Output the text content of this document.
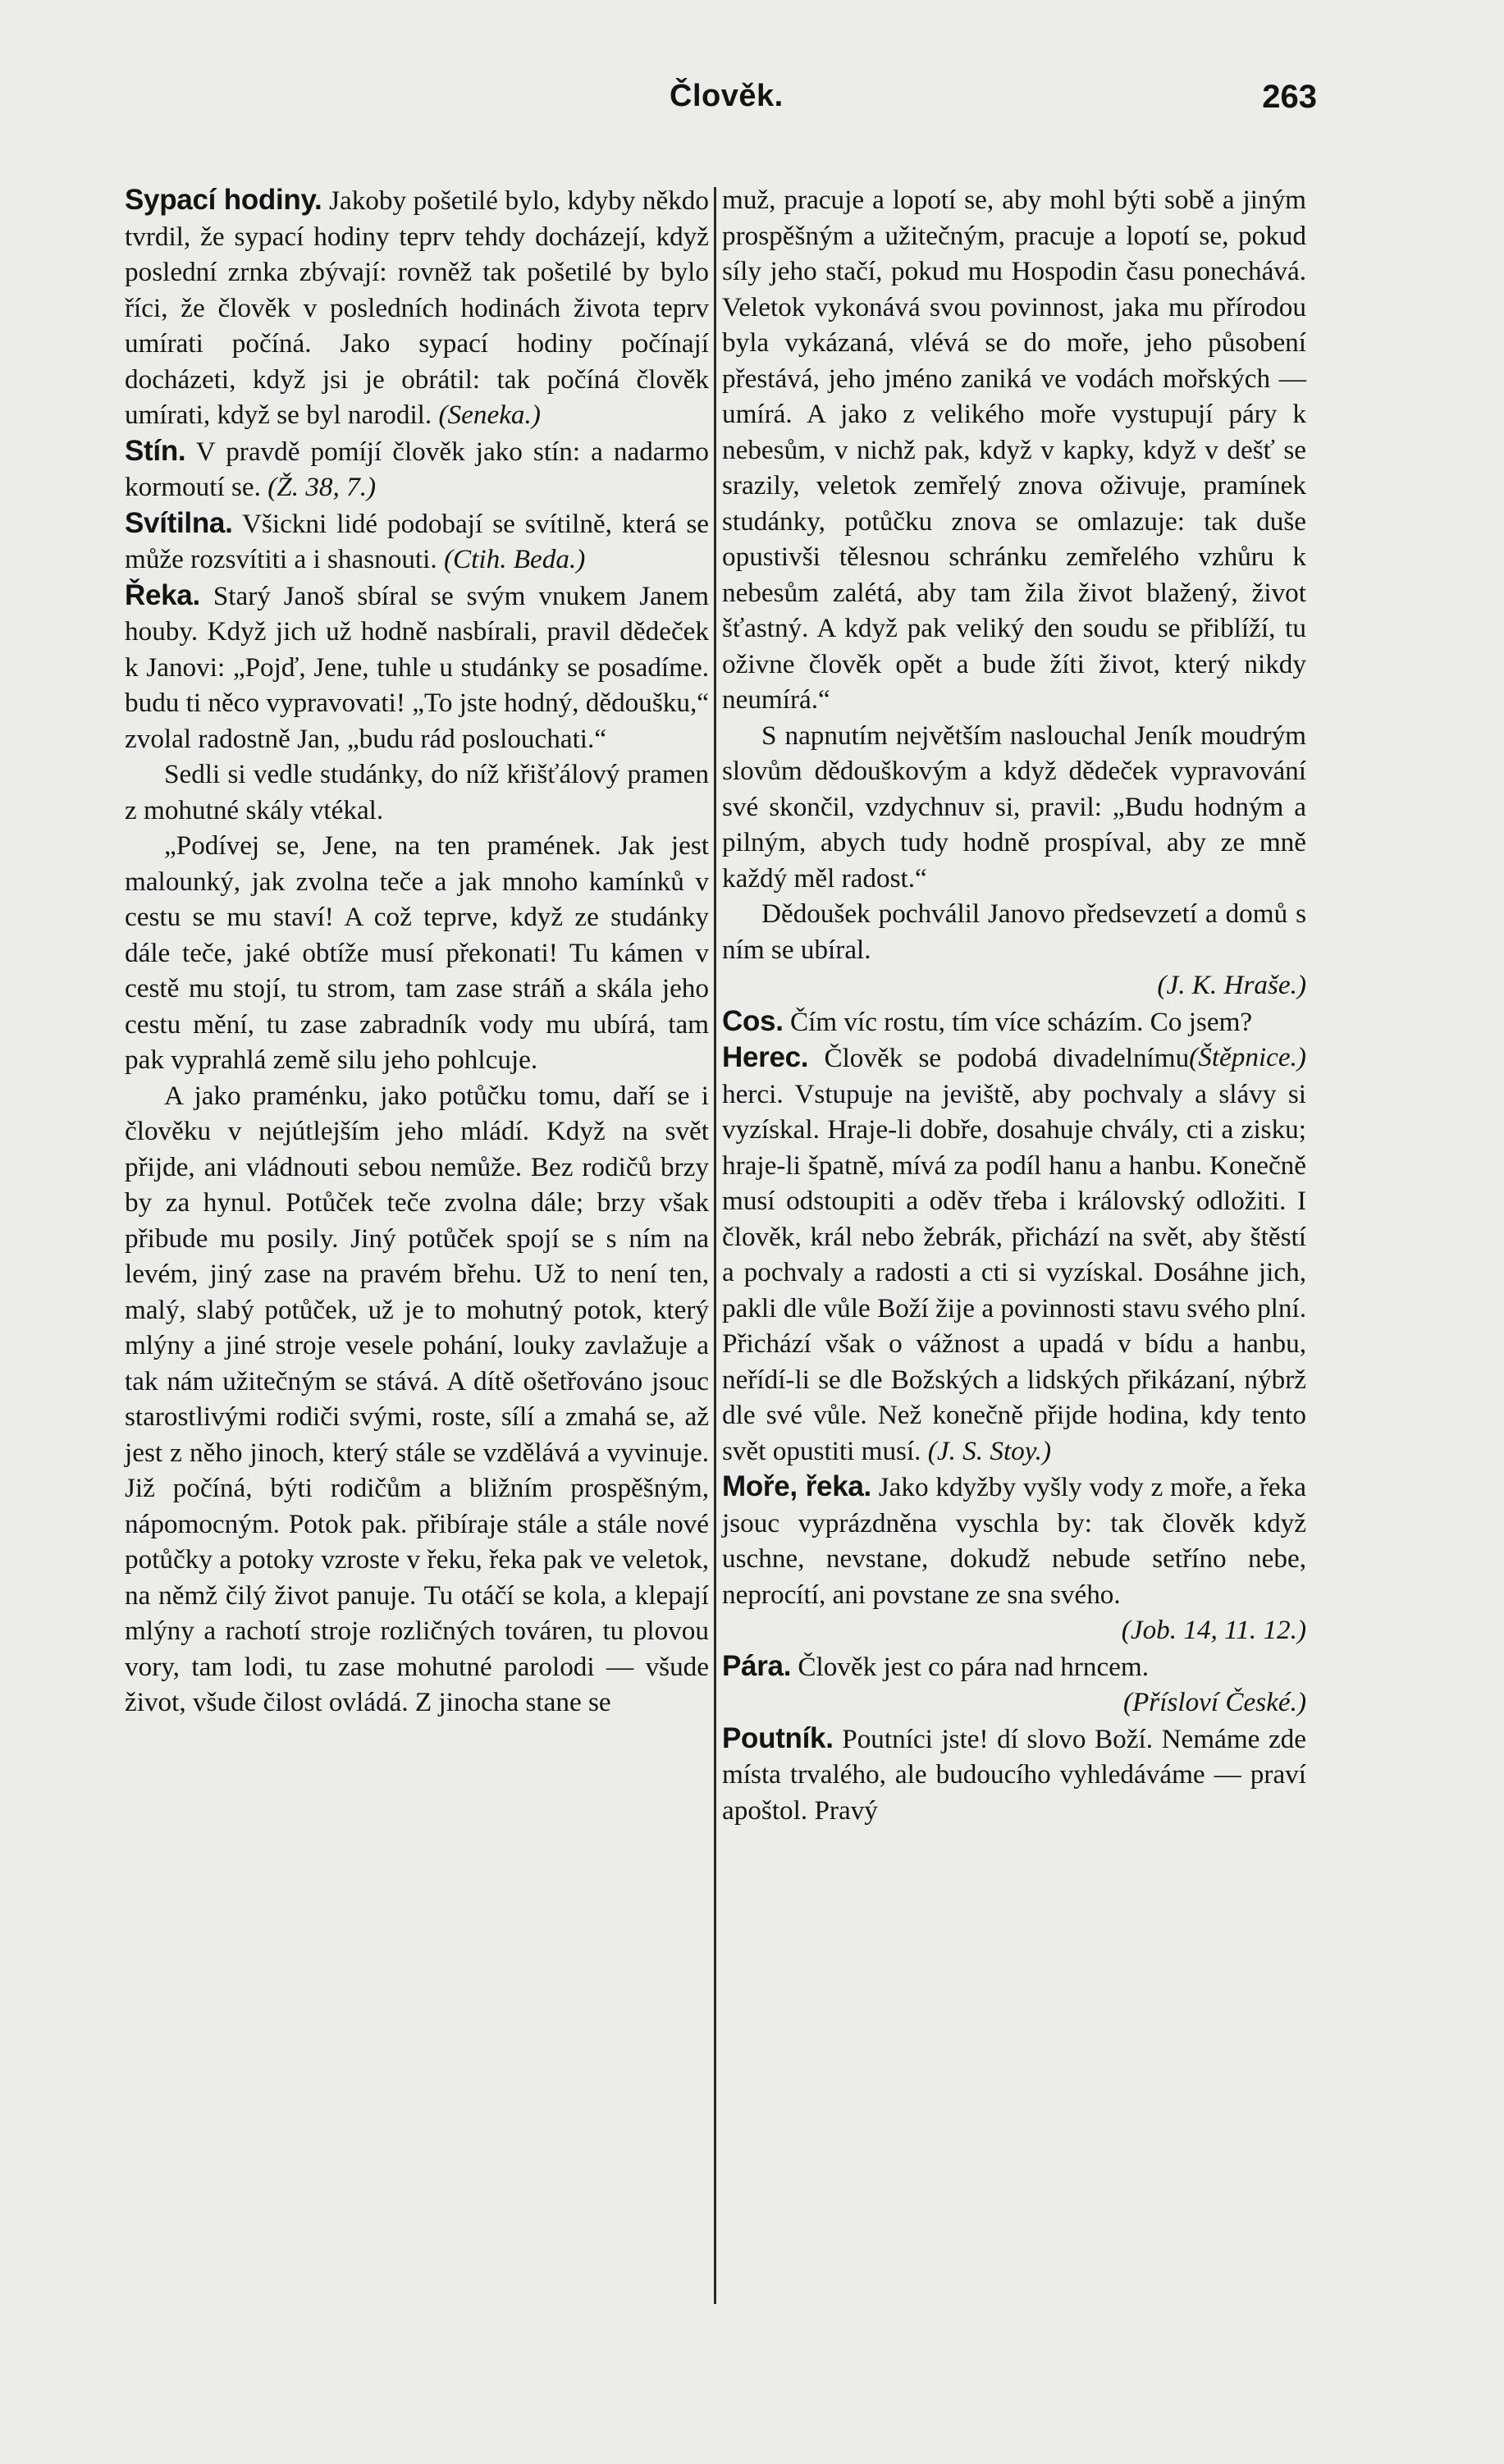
Člověk.	263

Sypací hodiny. Jakoby pošetilé bylo, kdyby někdo tvrdil, že sypací hodiny teprv tehdy docházejí, když poslední zrnka zbývají: rovněž tak pošetilé by bylo říci, že člověk v posledních hodinách života teprv umírati počíná. Jako sypací hodiny počínají docházeti, když jsi je obrátil: tak počíná člověk umírati, když se byl narodil. (Seneka.)

Stín. V pravdě pomíjí člověk jako stín: a nadarmo kormoutí se. (Ž. 38, 7.)

Svítilna. Všickni lidé podobají se svítilně, která se může rozsvítiti a i shasnouti. (Ctih. Beda.)

Řeka. Starý Janoš sbíral se svým vnukem Janem houby. Když jich už hodně nasbírali, pravil dědeček k Janovi: „Pojď, Jene, tuhle u studánky se posadíme. budu ti něco vypravovati! „To jste hodný, dědoušku,“ zvolal radostně Jan, „budu rád poslouchati.“

Sedli si vedle studánky, do níž křišťálový pramen z mohutné skály vtékal.

„Podívej se, Jene, na ten pramének. Jak jest malounký, jak zvolna teče a jak mnoho kamínků v cestu se mu staví! A což teprve, když ze studánky dále teče, jaké obtíže musí překonati! Tu kámen v cestě mu stojí, tu strom, tam zase stráň a skála jeho cestu mění, tu zase zabradník vody mu ubírá, tam pak vyprahlá země silu jeho pohlcuje.

A jako praménku, jako potůčku tomu, daří se i člověku v nejútlejším jeho mládí. Když na svět přijde, ani vládnouti sebou nemůže. Bez rodičů brzy by za hynul. Potůček teče zvolna dále; brzy však přibude mu posily. Jiný potůček spojí se s ním na levém, jiný zase na pravém břehu. Už to není ten, malý, slabý potůček, už je to mohutný potok, který mlýny a jiné stroje vesele pohání, louky zavlažuje a tak nám užitečným se stává. A dítě ošetřováno jsouc starostlivými rodiči svými, roste, sílí a zmahá se, až jest z něho jinoch, který stále se vzdělává a vyvinuje. Již počíná, býti rodičům a bližním prospěšným, nápomocným. Potok pak. přibíraje stále a stále nové potůčky a potoky vzroste v řeku, řeka pak ve veletok, na němž čilý život panuje. Tu otáčí se kola, a klepají mlýny a rachotí stroje rozličných továren, tu plovou vory, tam lodi, tu zase mohutné parolodi — všude život, všude čilost ovládá. Z jinocha stane se

muž, pracuje a lopotí se, aby mohl býti sobě a jiným prospěšným a užitečným, pracuje a lopotí se, pokud síly jeho stačí, pokud mu Hospodin času ponechává. Veletok vykonává svou povinnost, jaka mu přírodou byla vykázaná, vlévá se do moře, jeho působení přestává, jeho jméno zaniká ve vodách mořských — umírá. A jako z velikého moře vystupují páry k nebesům, v nichž pak, když v kapky, když v dešť se srazily, veletok zemřelý znova oživuje, pramínek studánky, potůčku znova se omlazuje: tak duše opustivši tělesnou schránku zemřelého vzhůru k nebesům zalétá, aby tam žila život blažený, život šťastný. A když pak veliký den soudu se přiblíží, tu oživne člověk opět a bude žíti život, který nikdy neumírá.“

S napnutím největším naslouchal Jeník moudrým slovům dědouškovým a když dědeček vypravování své skončil, vzdychnuv si, pravil: „Budu hodným a pilným, abych tudy hodně prospíval, aby ze mně každý měl radost.“

Dědoušek pochválil Janovo předsevzetí a domů s ním se ubíral.

(J. K. Hraše.)

Cos. Čím víc rostu, tím více scházím. Co jsem?
(Štěpnice.)

Herec. Člověk se podobá divadelnímu herci. Vstupuje na jeviště, aby pochvaly a slávy si vyzískal. Hraje-li dobře, dosahuje chvály, cti a zisku; hraje-li špatně, mívá za podíl hanu a hanbu. Konečně musí odstoupiti a oděv třeba i královský odložiti. I člověk, král nebo žebrák, přichází na svět, aby štěstí a pochvaly a radosti a cti si vyzískal. Dosáhne jich, pakli dle vůle Boží žije a povinnosti stavu svého plní. Přichází však o vážnost a upadá v bídu a hanbu, neřídí-li se dle Božských a lidských přikázaní, nýbrž dle své vůle. Než konečně přijde hodina, kdy tento svět opustiti musí. (J. S. Stoy.)

Moře, řeka. Jako kdyžby vyšly vody z moře, a řeka jsouc vyprázdněna vyschla by: tak člověk když uschne, nevstane, dokudž nebude setříno nebe, neprocítí, ani povstane ze sna svého.

(Job. 14, 11. 12.)

Pára. Člověk jest co pára nad hrncem.

(Přísloví České.)

Poutník. Poutníci jste! dí slovo Boží. Nemáme zde místa trvalého, ale budoucího vyhledáváme — praví apoštol. Pravý
